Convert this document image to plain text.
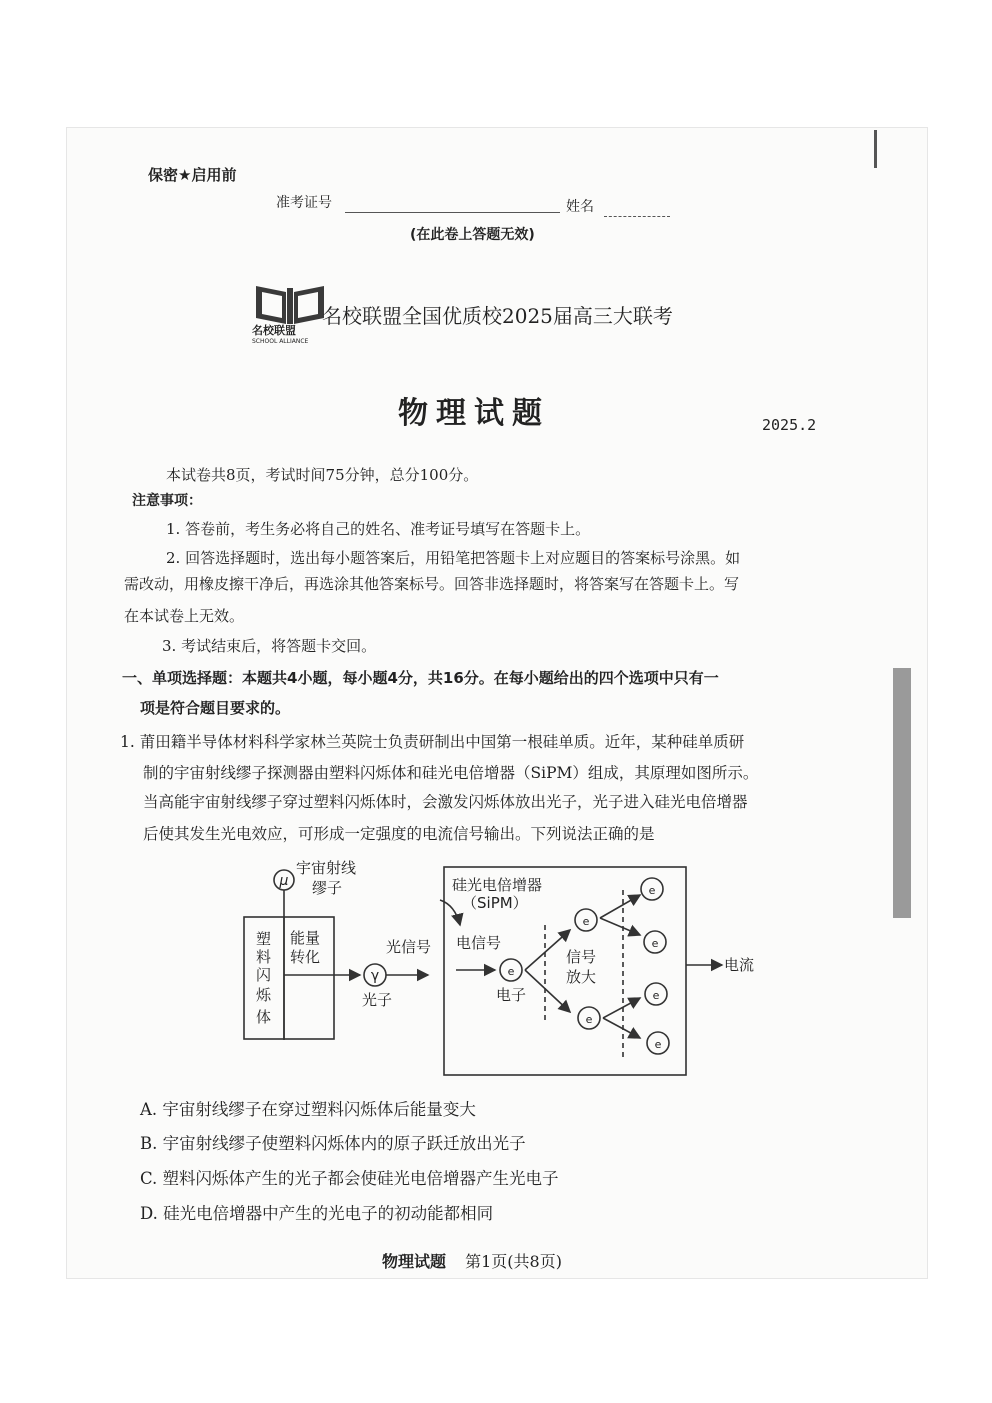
保密★启用前
准考证号	姓名
(在此卷上答题无效)
名校联盟
SCHOOL ALLIANCE
名校联盟全国优质校2025届高三大联考
物理试题	2025.2
本试卷共8页，考试时间75分钟，总分100分。
注意事项：
1. 答卷前，考生务必将自己的姓名、准考证号填写在答题卡上。
2. 回答选择题时，选出每小题答案后，用铅笔把答题卡上对应题目的答案标号涂黑。如
需改动，用橡皮擦干净后，再选涂其他答案标号。回答非选择题时，将答案写在答题卡上。写
在本试卷上无效。
3. 考试结束后，将答题卡交回。
一、单项选择题：本题共4小题，每小题4分，共16分。在每小题给出的四个选项中只有一
项是符合题目要求的。
1. 莆田籍半导体材料科学家林兰英院士负责研制出中国第一根硅单质。近年，某种硅单质研
制的宇宙射线缪子探测器由塑料闪烁体和硅光电倍增器（SiPM）组成，其原理如图所示。
当高能宇宙射线缪子穿过塑料闪烁体时，会激发闪烁体放出光子，光子进入硅光电倍增器
后使其发生光电效应，可形成一定强度的电流信号输出。下列说法正确的是
μ
γ	e
e
e
e
e
e
e
宇宙射线
缪子
塑
料
闪
烁
体
能量
转化
光子
光信号
硅光电倍增器
（SiPM）
电信号
电子
信号
放大
电流
A. 宇宙射线缪子在穿过塑料闪烁体后能量变大
B. 宇宙射线缪子使塑料闪烁体内的原子跃迁放出光子
C. 塑料闪烁体产生的光子都会使硅光电倍增器产生光电子
D. 硅光电倍增器中产生的光电子的初动能都相同
物理试题 第1页(共8页)
